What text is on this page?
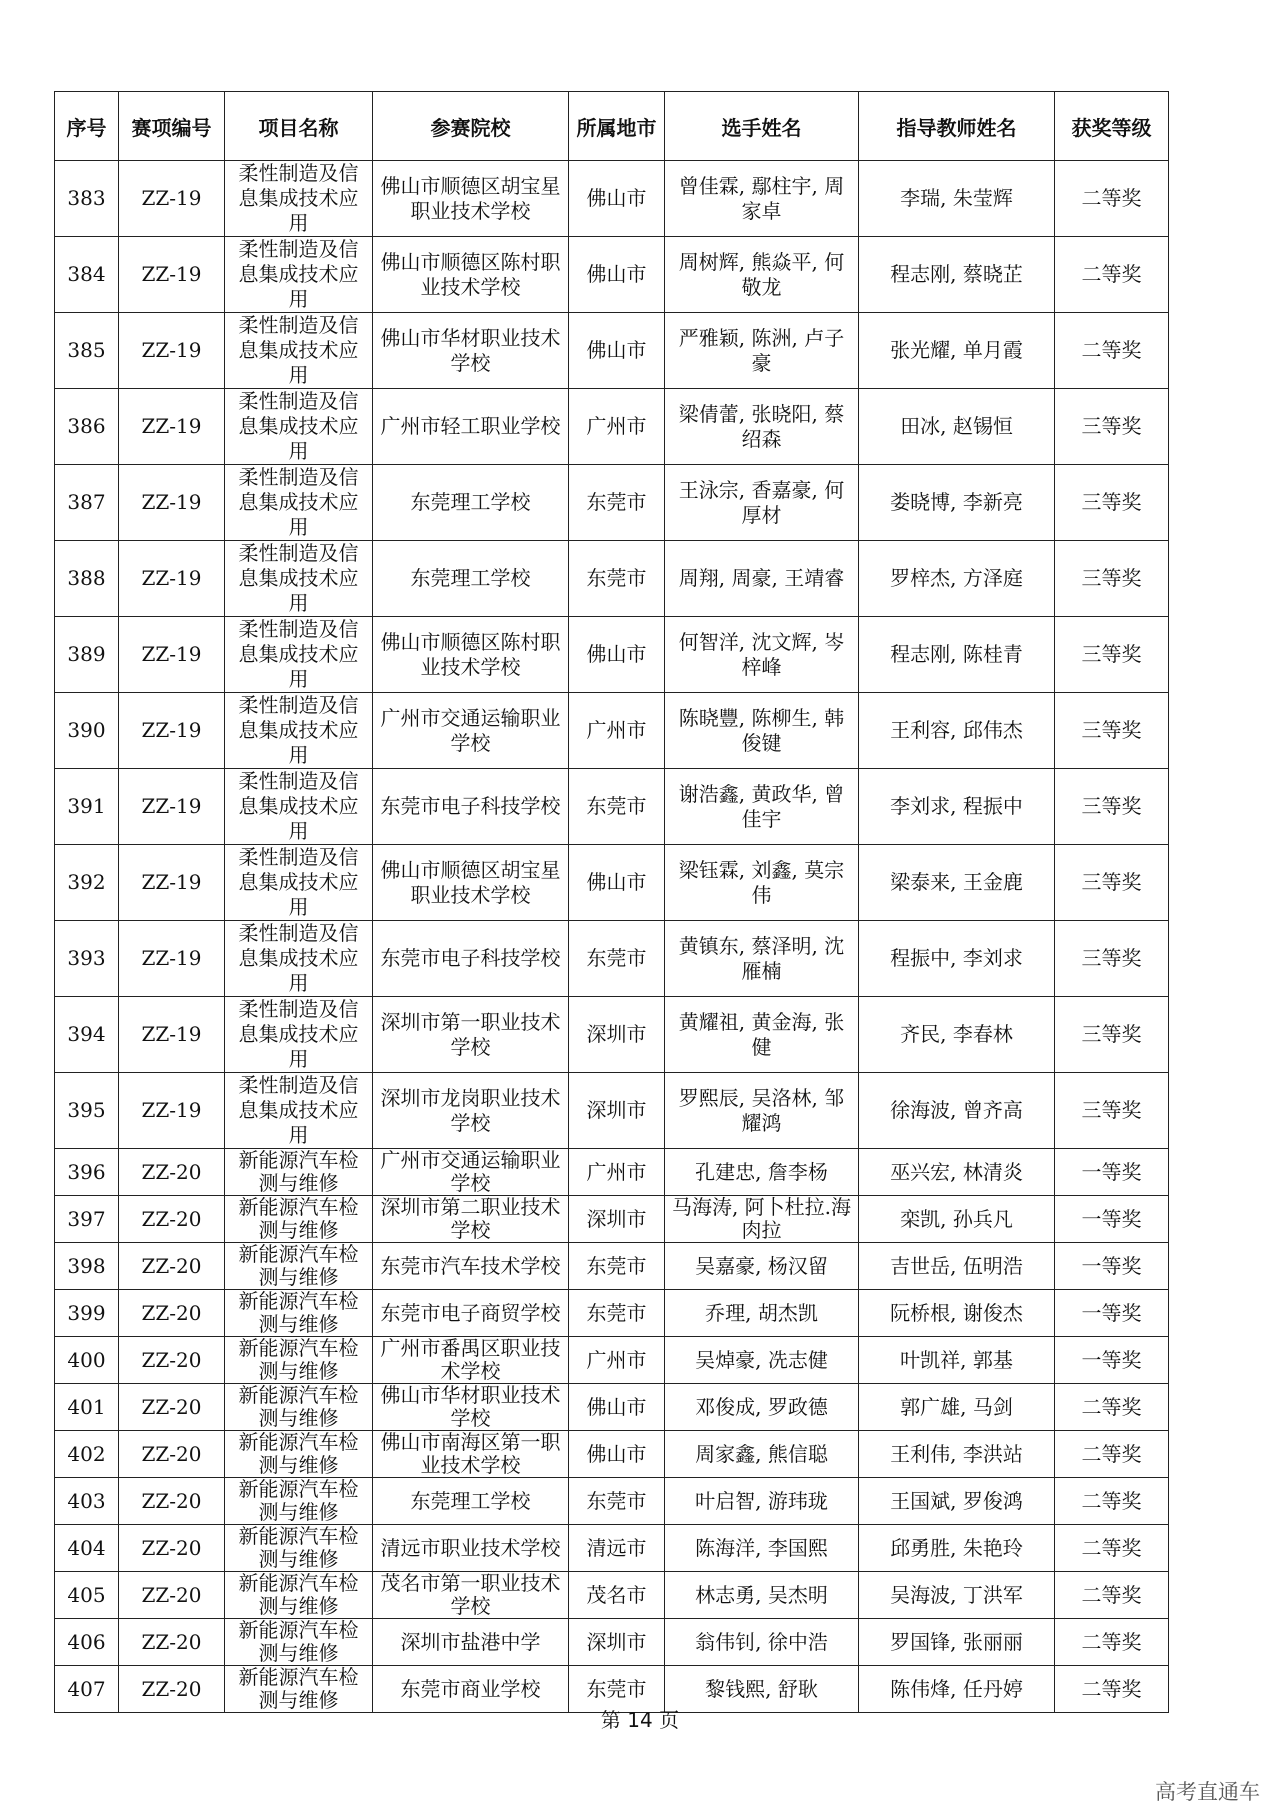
序号	赛项编号	项目名称	参赛院校	所属地市	选手姓名	指导教师姓名	获奖等级

383	ZZ-19	柔性制造及信息集成技术应用	佛山市顺德区胡宝星职业技术学校	佛山市	曾佳霖, 鄢柱宇, 周家卓	李瑞, 朱莹辉	二等奖

384	ZZ-19	柔性制造及信息集成技术应用	佛山市顺德区陈村职业技术学校	佛山市	周树辉, 熊焱平, 何敬龙	程志刚, 蔡晓芷	二等奖

385	ZZ-19	柔性制造及信息集成技术应用	佛山市华材职业技术学校	佛山市	严雅颖, 陈洲, 卢子豪	张光耀, 单月霞	二等奖

386	ZZ-19	柔性制造及信息集成技术应用	广州市轻工职业学校	广州市	梁倩蕾, 张晓阳, 蔡绍森	田冰, 赵锡恒	三等奖

387	ZZ-19	柔性制造及信息集成技术应用	东莞理工学校	东莞市	王泳宗, 香嘉豪, 何厚材	娄晓博, 李新亮	三等奖

388	ZZ-19	柔性制造及信息集成技术应用	东莞理工学校	东莞市	周翔, 周豪, 王靖睿	罗梓杰, 方泽庭	三等奖

389	ZZ-19	柔性制造及信息集成技术应用	佛山市顺德区陈村职业技术学校	佛山市	何智洋, 沈文辉, 岑梓峰	程志刚, 陈桂青	三等奖

390	ZZ-19	柔性制造及信息集成技术应用	广州市交通运输职业学校	广州市	陈晓豐, 陈柳生, 韩俊键	王利容, 邱伟杰	三等奖

391	ZZ-19	柔性制造及信息集成技术应用	东莞市电子科技学校	东莞市	谢浩鑫, 黄政华, 曾佳宇	李刘求, 程振中	三等奖

392	ZZ-19	柔性制造及信息集成技术应用	佛山市顺德区胡宝星职业技术学校	佛山市	梁钰霖, 刘鑫, 莫宗伟	梁泰来, 王金鹿	三等奖

393	ZZ-19	柔性制造及信息集成技术应用	东莞市电子科技学校	东莞市	黄镇东, 蔡泽明, 沈雁楠	程振中, 李刘求	三等奖

394	ZZ-19	柔性制造及信息集成技术应用	深圳市第一职业技术学校	深圳市	黄耀祖, 黄金海, 张健	齐民, 李春林	三等奖

395	ZZ-19	柔性制造及信息集成技术应用	深圳市龙岗职业技术学校	深圳市	罗熙辰, 吴洛林, 邹耀鸿	徐海波, 曾齐高	三等奖

396	ZZ-20	新能源汽车检测与维修	广州市交通运输职业学校	广州市	孔建忠, 詹李杨	巫兴宏, 林清炎	一等奖

397	ZZ-20	新能源汽车检测与维修	深圳市第二职业技术学校	深圳市	马海涛, 阿卜杜拉.海肉拉	栾凯, 孙兵凡	一等奖

398	ZZ-20	新能源汽车检测与维修	东莞市汽车技术学校	东莞市	吴嘉豪, 杨汉留	吉世岳, 伍明浩	一等奖

399	ZZ-20	新能源汽车检测与维修	东莞市电子商贸学校	东莞市	乔理, 胡杰凯	阮桥根, 谢俊杰	一等奖

400	ZZ-20	新能源汽车检测与维修	广州市番禺区职业技术学校	广州市	吴焯豪, 冼志健	叶凯祥, 郭基	一等奖

401	ZZ-20	新能源汽车检测与维修	佛山市华材职业技术学校	佛山市	邓俊成, 罗政德	郭广雄, 马剑	二等奖

402	ZZ-20	新能源汽车检测与维修	佛山市南海区第一职业技术学校	佛山市	周家鑫, 熊信聪	王利伟, 李洪站	二等奖

403	ZZ-20	新能源汽车检测与维修	东莞理工学校	东莞市	叶启智, 游玮珑	王国斌, 罗俊鸿	二等奖

404	ZZ-20	新能源汽车检测与维修	清远市职业技术学校	清远市	陈海洋, 李国熙	邱勇胜, 朱艳玲	二等奖

405	ZZ-20	新能源汽车检测与维修	茂名市第一职业技术学校	茂名市	林志勇, 吴杰明	吴海波, 丁洪军	二等奖

406	ZZ-20	新能源汽车检测与维修	深圳市盐港中学	深圳市	翁伟钊, 徐中浩	罗国锋, 张丽丽	二等奖

407	ZZ-20	新能源汽车检测与维修	东莞市商业学校	东莞市	黎钱熙, 舒耿	陈伟烽, 任丹婷	二等奖
第 14 页
高考直通车
